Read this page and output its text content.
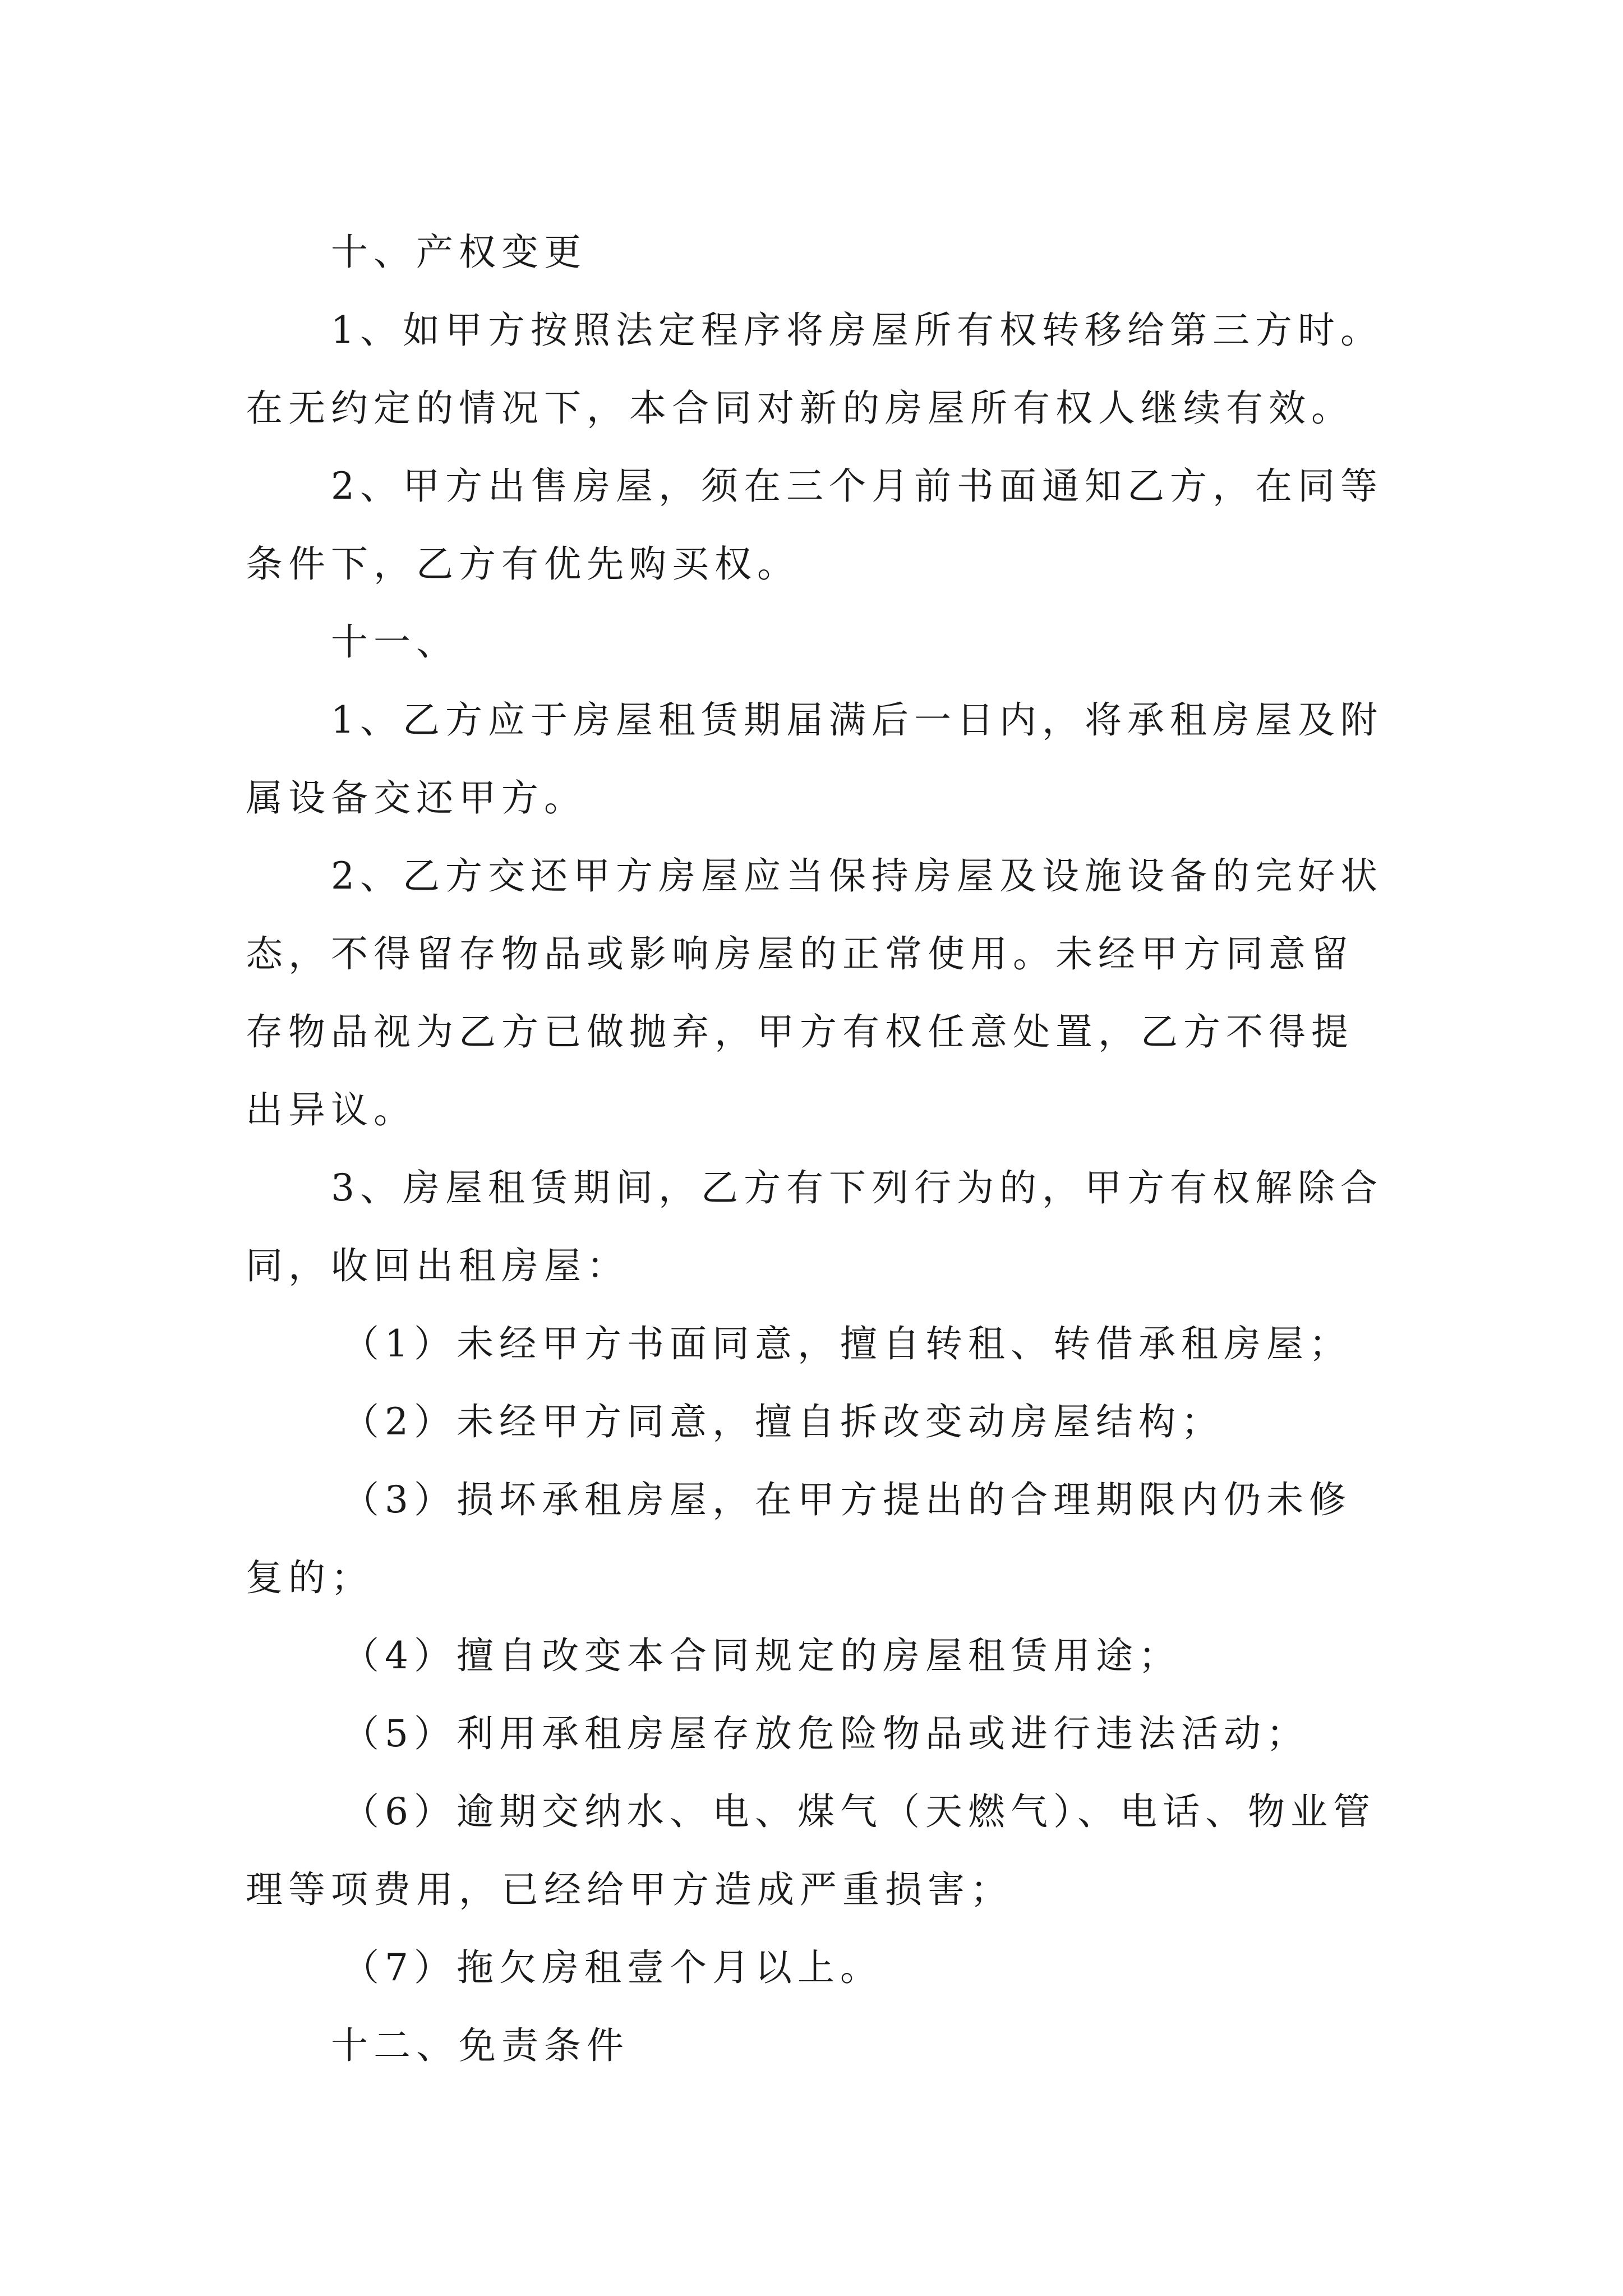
十、产权变更

1、如甲方按照法定程序将房屋所有权转移给第三方时。在无约定的情况下，本合同对新的房屋所有权人继续有效。

2、甲方出售房屋，须在三个月前书面通知乙方，在同等条件下，乙方有优先购买权。

十一、

1、乙方应于房屋租赁期届满后一日内，将承租房屋及附属设备交还甲方。

2、乙方交还甲方房屋应当保持房屋及设施设备的完好状态，不得留存物品或影响房屋的正常使用。未经甲方同意留存物品视为乙方已做抛弃，甲方有权任意处置，乙方不得提出异议。

3、房屋租赁期间，乙方有下列行为的，甲方有权解除合同，收回出租房屋：

（1）未经甲方书面同意，擅自转租、转借承租房屋；

（2）未经甲方同意，擅自拆改变动房屋结构；

（3）损坏承租房屋，在甲方提出的合理期限内仍未修复的；

（4）擅自改变本合同规定的房屋租赁用途；

（5）利用承租房屋存放危险物品或进行违法活动；

（6）逾期交纳水、电、煤气（天燃气）、电话、物业管理等项费用，已经给甲方造成严重损害；

（7）拖欠房租壹个月以上。

十二、免责条件
